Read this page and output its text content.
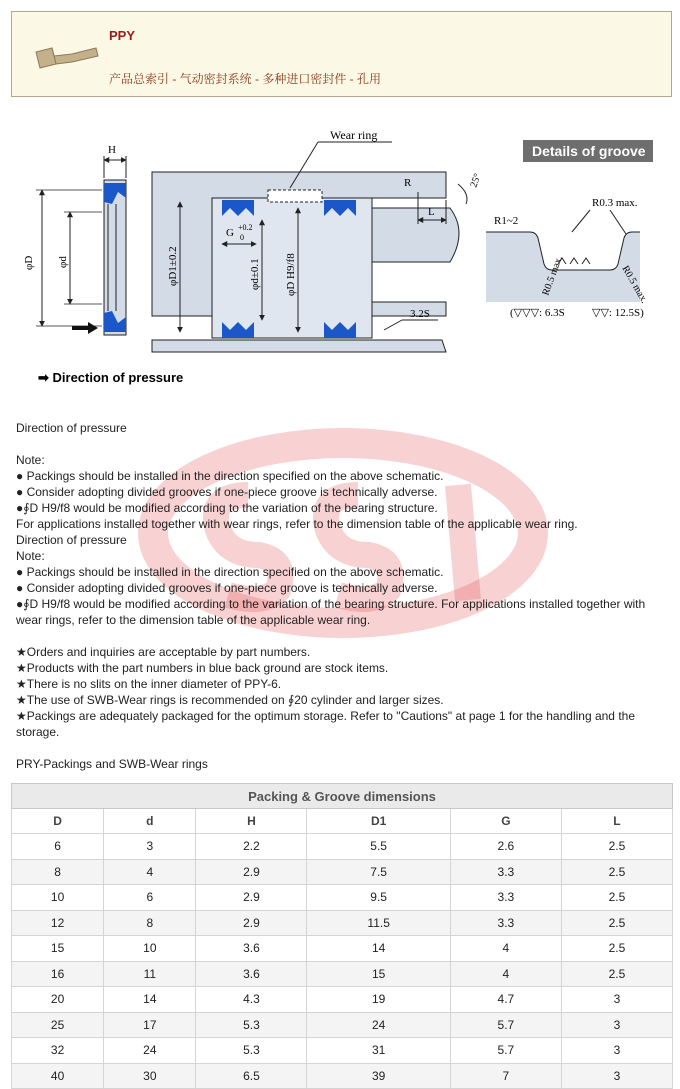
PPY
产品总索引 - 气动密封系统 - 多种进口密封件 - 孔用
H
φD φd	φD1±0.2	φd±0.1 φD H9/f8
G +0.2
0
Wear ring
R
L
25°
3.2S
➡ Direction of pressure
Details of groove
R1~2
R0.3 max.
R0.5 max.	R0.5 max.
(▽▽▽: 6.3S ▽▽: 12.5S)

Direction of pressure

Note:

● Packings should be installed in the direction specified on the above schematic.

● Consider adopting divided grooves if one-piece groove is technically adverse.

●∮D H9/f8 would be modified according to the variation of the bearing structure.

For applications installed together with wear rings, refer to the dimension table of the applicable wear ring.

Direction of pressure

Note:

● Packings should be installed in the direction specified on the above schematic.

● Consider adopting divided grooves if one-piece groove is technically adverse.

●∮D H9/f8 would be modified according to the variation of the bearing structure. For applications installed together with wear rings, refer to the dimension table of the applicable wear ring.

★Orders and inquiries are acceptable by part numbers.

★Products with the part numbers in blue back ground are stock items.

★There is no slits on the inner diameter of PPY-6.

★The use of SWB-Wear rings is recommended on ∮20 cylinder and larger sizes.

★Packings are adequately packaged for the optimum storage. Refer to "Cautions" at page 1 for the handling and the storage.

PRY-Packings and SWB-Wear rings

Packing & Groove dimensions					
D	d	H	D1	G	L
6	3	2.2	5.5	2.6	2.5
8	4	2.9	7.5	3.3	2.5
10	6	2.9	9.5	3.3	2.5
12	8	2.9	11.5	3.3	2.5
15	10	3.6	14	4	2.5
16	11	3.6	15	4	2.5
20	14	4.3	19	4.7	3
25	17	5.3	24	5.7	3
32	24	5.3	31	5.7	3
40	30	6.5	39	7	3
